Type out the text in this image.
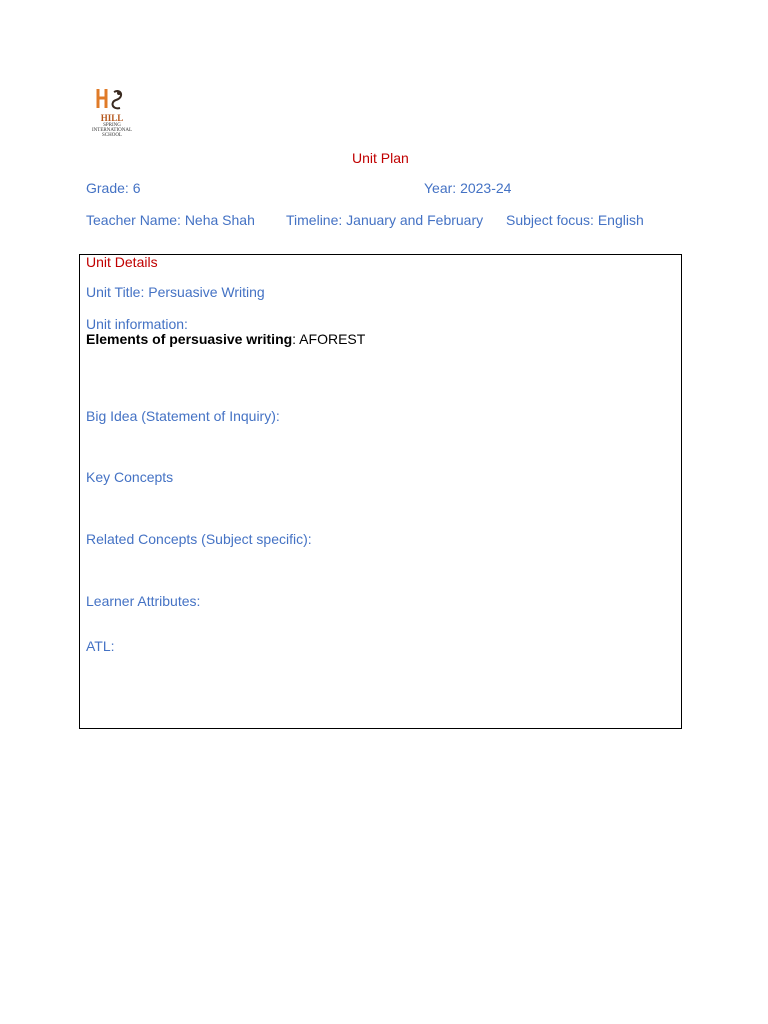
HILL
SPRING
INTERNATIONAL
SCHOOL
Unit Plan
Grade: 6	Year: 2023-24
Teacher Name: Neha Shah Timeline: January and February Subject focus: English
Unit Details
Unit Title: Persuasive Writing
Unit information:
Elements of persuasive writing: AFOREST
Big Idea (Statement of Inquiry):
Key Concepts
Related Concepts (Subject specific):
Learner Attributes:
ATL:
